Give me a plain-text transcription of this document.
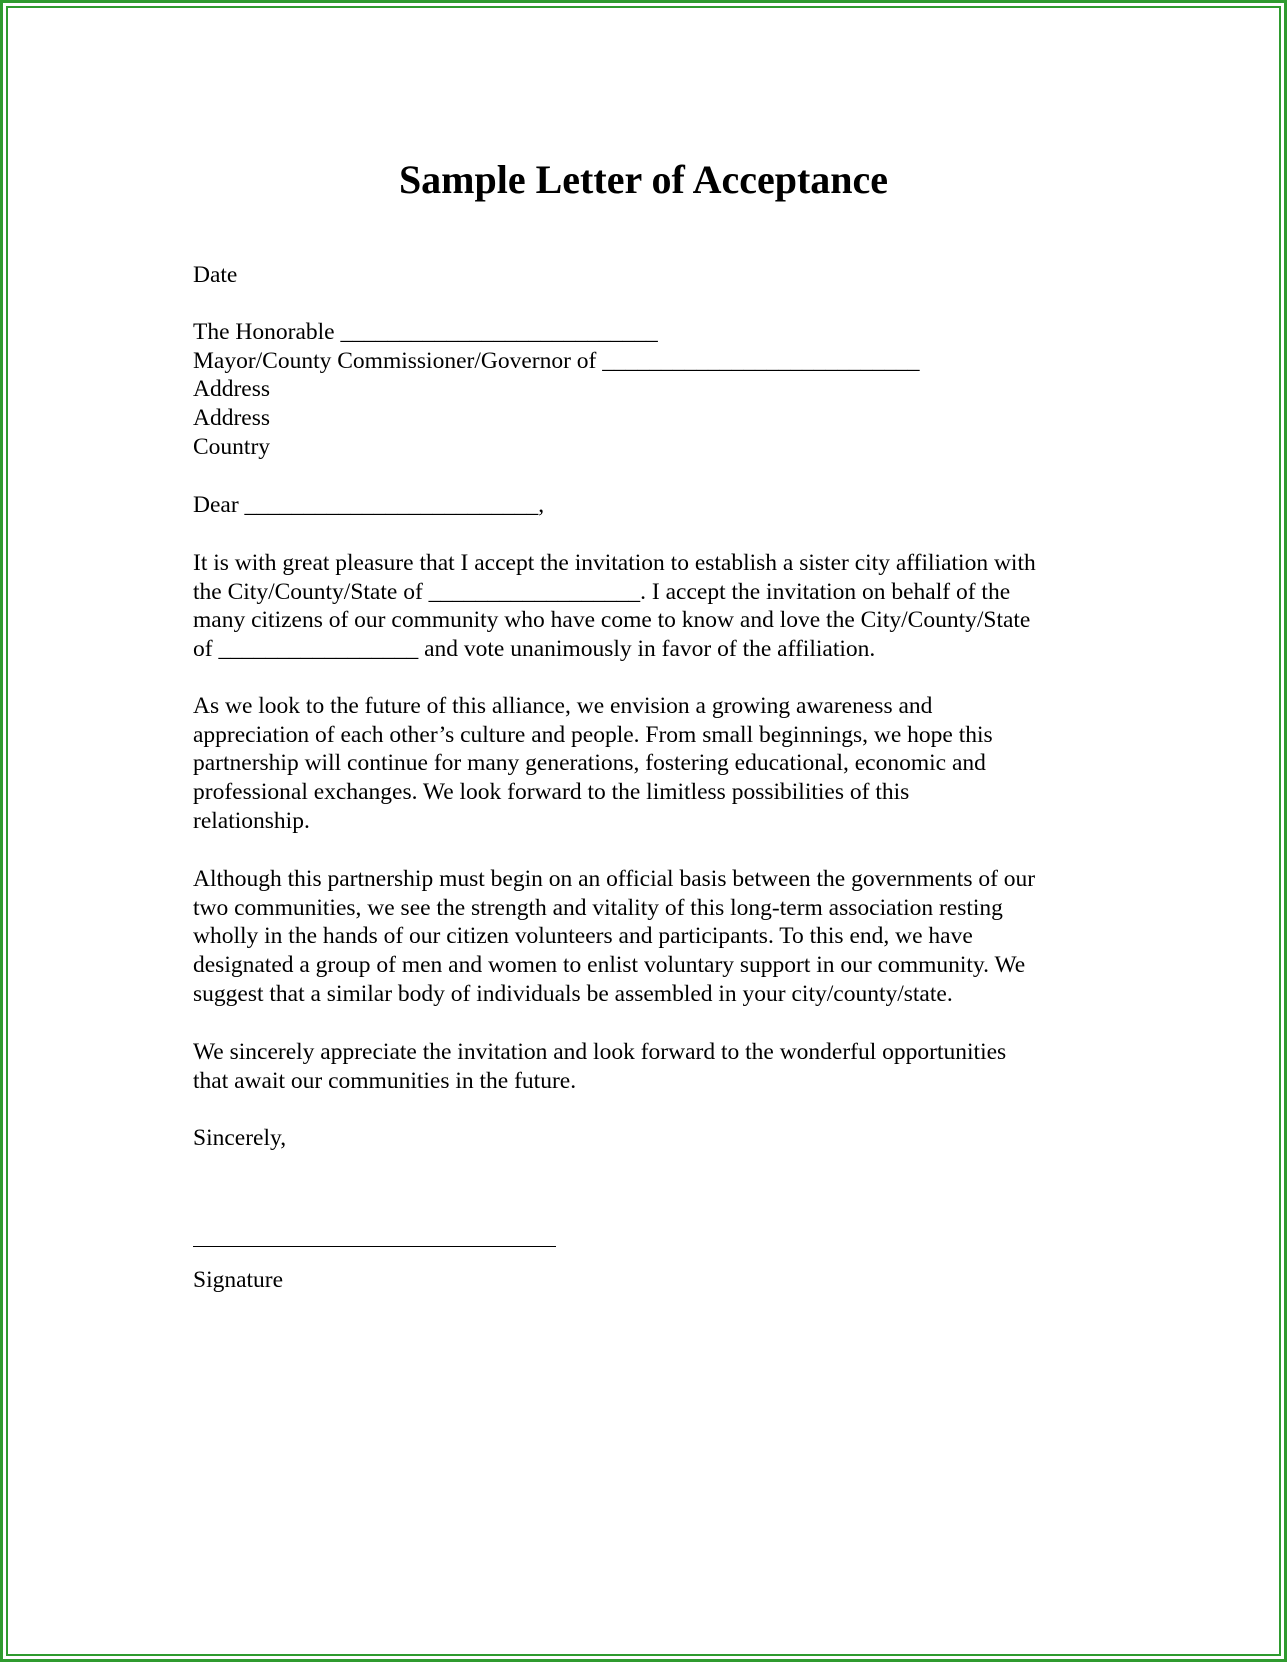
Sample Letter of Acceptance
Date
The Honorable ___________________________
Mayor/County Commissioner/Governor of ___________________________
Address
Address
Country
Dear _________________________,
It is with great pleasure that I accept the invitation to establish a sister city affiliation with
the City/County/State of __________________. I accept the invitation on behalf of the
many citizens of our community who have come to know and love the City/County/State
of _________________ and vote unanimously in favor of the affiliation.
As we look to the future of this alliance, we envision a growing awareness and
appreciation of each other’s culture and people. From small beginnings, we hope this
partnership will continue for many generations, fostering educational, economic and
professional exchanges. We look forward to the limitless possibilities of this
relationship.
Although this partnership must begin on an official basis between the governments of our
two communities, we see the strength and vitality of this long-term association resting
wholly in the hands of our citizen volunteers and participants. To this end, we have
designated a group of men and women to enlist voluntary support in our community. We
suggest that a similar body of individuals be assembled in your city/county/state.
We sincerely appreciate the invitation and look forward to the wonderful opportunities
that await our communities in the future.
Sincerely,
Signature
